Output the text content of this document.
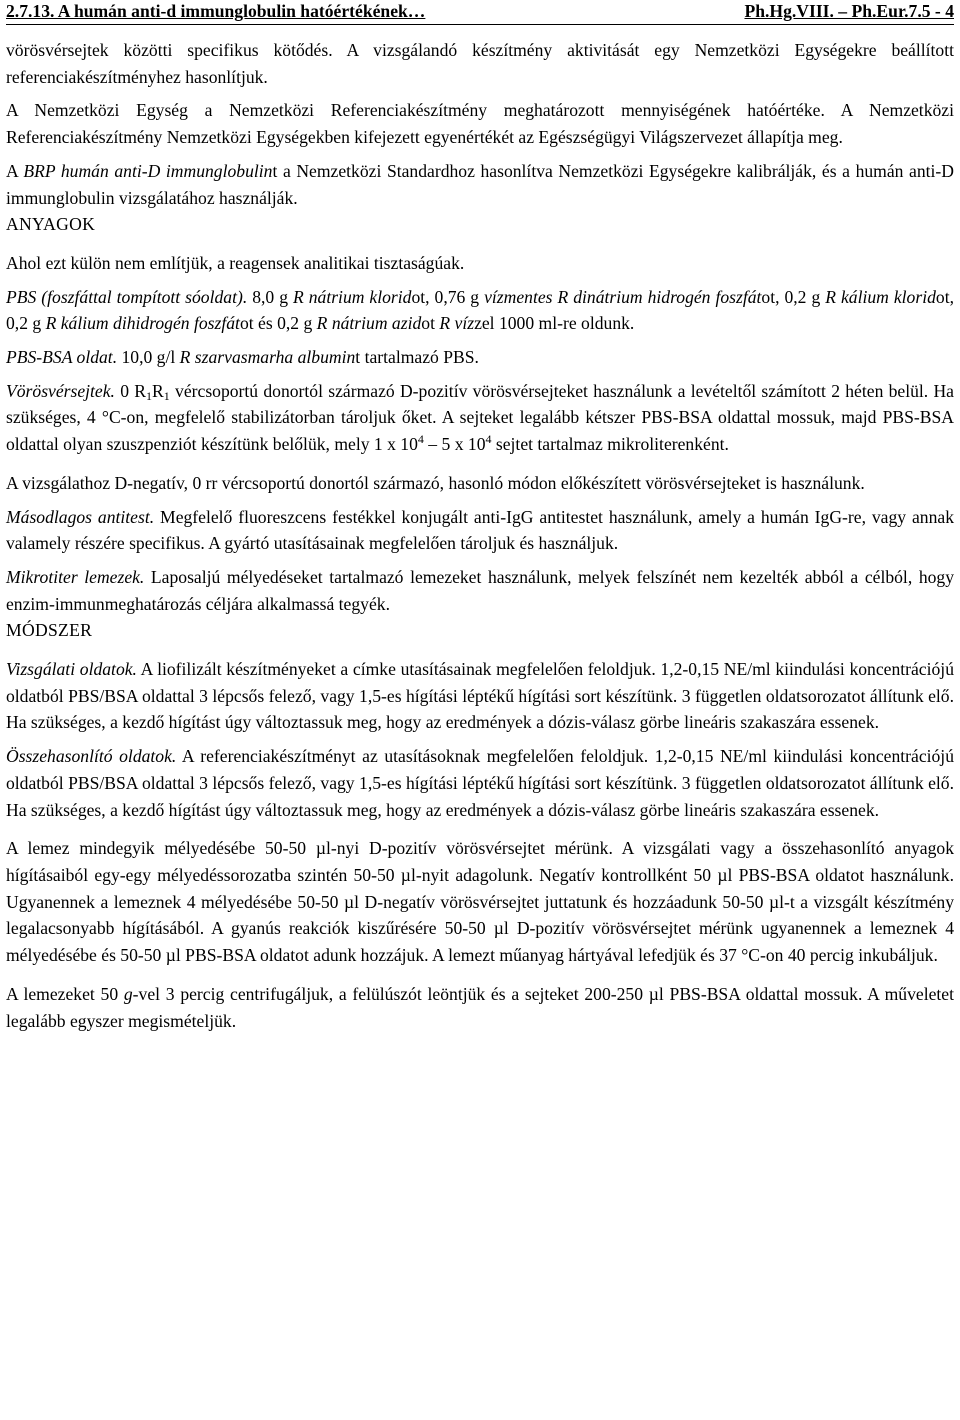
2.7.13. A humán anti-d immunglobulin hatóértékének…	Ph.Hg.VIII. – Ph.Eur.7.5 - 4

vörösvérsejtek közötti specifikus kötődés. A vizsgálandó készítmény aktivitását egy Nemzetközi Egységekre beállított referenciakészítményhez hasonlítjuk.

A Nemzetközi Egység a Nemzetközi Referenciakészítmény meghatározott mennyiségének hatóértéke. A Nemzetközi Referenciakészítmény Nemzetközi Egységekben kifejezett egyenértékét az Egészségügyi Világszervezet állapítja meg.

A BRP humán anti-D immunglobulint a Nemzetközi Standardhoz hasonlítva Nemzetközi Egységekre kalibrálják, és a humán anti-D immunglobulin vizsgálatához használják.

ANYAGOK

Ahol ezt külön nem említjük, a reagensek analitikai tisztaságúak.

PBS (foszfáttal tompított sóoldat). 8,0 g R nátrium kloridot, 0,76 g vízmentes R dinátrium hidrogén foszfátot, 0,2 g R kálium kloridot, 0,2 g R kálium dihidrogén foszfátot és 0,2 g R nátrium azidot R vízzel 1000 ml-re oldunk.

PBS-BSA oldat. 10,0 g/l R szarvasmarha albumint tartalmazó PBS.

Vörösvérsejtek. 0 $R_1R_1$ vércsoportú donortól származó D-pozitív vörösvérsejteket használunk a levételtől számított 2 héten belül. Ha szükséges, 4 °C-on, megfelelő stabilizátorban tároljuk őket. A sejteket legalább kétszer PBS-BSA oldattal mossuk, majd PBS-BSA oldattal olyan szuszpenziót készítünk belőlük, mely 1 x $10^4 - 5$ x $10^4$ sejtet tartalmaz mikroliterenként.

A vizsgálathoz D-negatív, 0 rr vércsoportú donortól származó, hasonló módon előkészített vörösvérsejteket is használunk.

Másodlagos antitest. Megfelelő fluoreszcens festékkel konjugált anti-IgG antitestet használunk, amely a humán IgG-re, vagy annak valamely részére specifikus. A gyártó utasításainak megfelelően tároljuk és használjuk.

Mikrotiter lemezek. Laposaljú mélyedéseket tartalmazó lemezeket használunk, melyek felszínét nem kezelték abból a célból, hogy enzim-immunmeghatározás céljára alkalmassá tegyék.

MÓDSZER

Vizsgálati oldatok. A liofilizált készítményeket a címke utasításainak megfelelően feloldjuk. 1,2-0,15 NE/ml kiindulási koncentrációjú oldatból PBS/BSA oldattal 3 lépcsős felező, vagy 1,5-es hígítási léptékű hígítási sort készítünk. 3 független oldatsorozatot állítunk elő. Ha szükséges, a kezdő hígítást úgy változtassuk meg, hogy az eredmények a dózis-válasz görbe lineáris szakaszára essenek.

Összehasonlító oldatok. A referenciakészítményt az utasításoknak megfelelően feloldjuk. 1,2-0,15 NE/ml kiindulási koncentrációjú oldatból PBS/BSA oldattal 3 lépcsős felező, vagy 1,5-es hígítási léptékű hígítási sort készítünk. 3 független oldatsorozatot állítunk elő. Ha szükséges, a kezdő hígítást úgy változtassuk meg, hogy az eredmények a dózis-válasz görbe lineáris szakaszára essenek.

A lemez mindegyik mélyedésébe 50-50 µl-nyi D-pozitív vörösvérsejtet mérünk. A vizsgálati vagy a összehasonlító anyagok hígításaiból egy-egy mélyedéssorozatba szintén 50-50 µl-nyit adagolunk. Negatív kontrollként 50 µl PBS-BSA oldatot használunk. Ugyanennek a lemeznek 4 mélyedésébe 50-50 µl D-negatív vörösvérsejtet juttatunk és hozzáadunk 50-50 µl-t a vizsgált készítmény legalacsonyabb hígításából. A gyanús reakciók kiszűrésére 50-50 µl D-pozitív vörösvérsejtet mérünk ugyanennek a lemeznek 4 mélyedésébe és 50-50 µl PBS-BSA oldatot adunk hozzájuk. A lemezt műanyag hártyával lefedjük és 37 °C-on 40 percig inkubáljuk.

A lemezeket 50 g-vel 3 percig centrifugáljuk, a felülúszót leöntjük és a sejteket 200-250 µl PBS-BSA oldattal mossuk. A műveletet legalább egyszer megismételjük.
